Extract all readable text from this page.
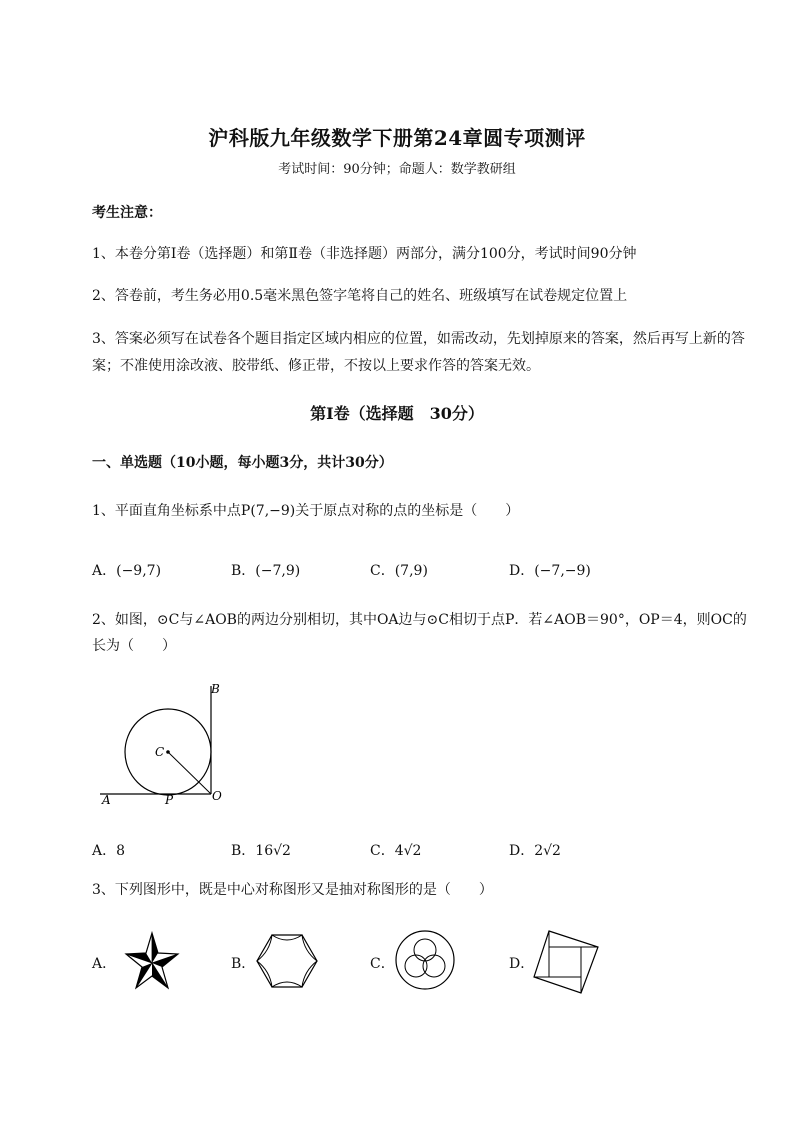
沪科版九年级数学下册第24章圆专项测评
考试时间：90分钟；命题人：数学教研组
考生注意：
1、本卷分第I卷（选择题）和第Ⅱ卷（非选择题）两部分，满分100分，考试时间90分钟
2、答卷前，考生务必用0.5毫米黑色签字笔将自己的姓名、班级填写在试卷规定位置上
3、答案必须写在试卷各个题目指定区域内相应的位置，如需改动，先划掉原来的答案，然后再写上新的答案；不准使用涂改液、胶带纸、修正带，不按以上要求作答的答案无效。
第I卷（选择题　30分）
一、单选题（10小题，每小题3分，共计30分）
1、平面直角坐标系中点P(7,−9)关于原点对称的点的坐标是（　　）
A．(−9,7)	B．(−7,9)	C．(7,9)	D．(−7,−9)
2、如图，⊙C与∠AOB的两边分别相切，其中OA边与⊙C相切于点P．若∠AOB＝90°，OP＝4，则OC的长为（　　）
B
C
O
A	P
A．8	B．16√2	C．4√2	D．2√2
3、下列图形中，既是中心对称图形又是抽对称图形的是（　　）
A．	B．	C．	D．
